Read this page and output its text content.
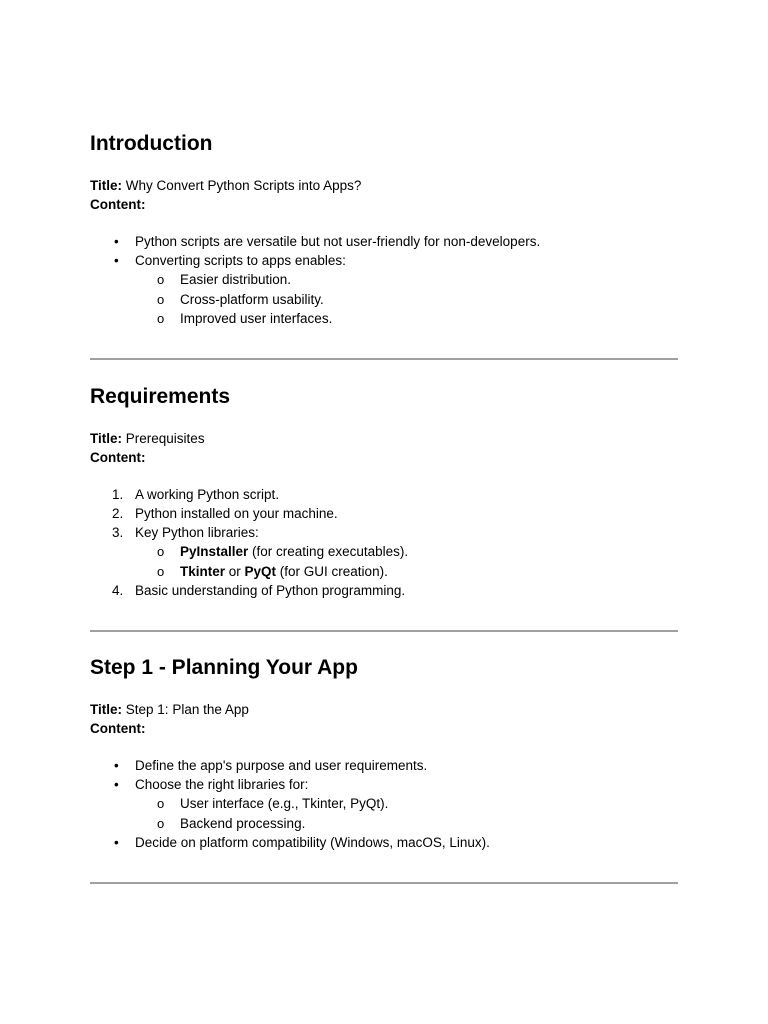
Introduction
Title: Why Convert Python Scripts into Apps?
Content:
• Python scripts are versatile but not user-friendly for non-developers.
• Converting scripts to apps enables:
o Easier distribution.
o Cross-platform usability.
o Improved user interfaces.
Requirements
Title: Prerequisites
Content:
1. A working Python script.
2. Python installed on your machine.
3. Key Python libraries:
o PyInstaller (for creating executables).
o Tkinter or PyQt (for GUI creation).
4. Basic understanding of Python programming.
Step 1 - Planning Your App
Title: Step 1: Plan the App
Content:
• Define the app's purpose and user requirements.
• Choose the right libraries for:
o User interface (e.g., Tkinter, PyQt).
o Backend processing.
• Decide on platform compatibility (Windows, macOS, Linux).
